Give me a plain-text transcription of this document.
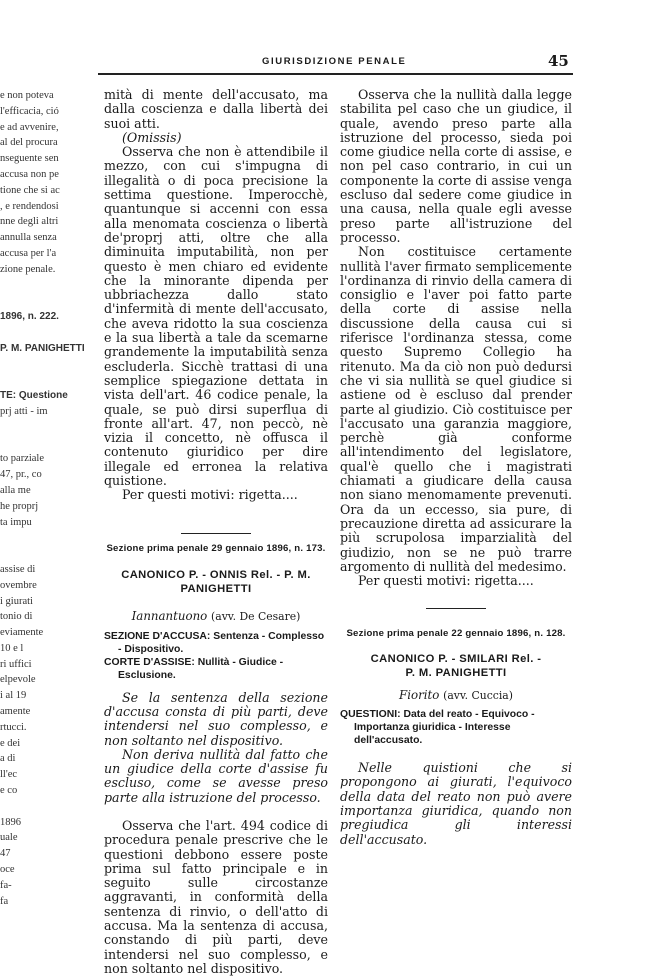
e non poteva
l'efficacia, ció
e ad avvenire,
al del procura
nseguente sen
accusa non pe
tione che si ac
, e rendendosi
nne degli altri
annulla senza
accusa per l'a
zione penale.

1896, n. 222.

P. M. PANIGHETTI

TE: Questione
prj atti - im

to parziale
47, pr., co
alla me
he proprj
ta impu

assise di
ovembre
i giurati
tonio di
eviamente
10 e l
ri uffici
elpevole
i al 19
amente
rtucci.
e dei
a di
ll'ec
e co

1896
uale
47
oce
fa-
fa
GIURISDIZIONE PENALE	45

mità di mente dell'accusato, ma dalla coscienza e dalla libertà dei suoi atti.

(Omissis)

Osserva che non è attendibile il mezzo, con cui s'impugna di illegalità o di poca precisione la settima questione. Imperocchè, quantunque si accenni con essa alla menomata coscienza o libertà de'proprj atti, oltre che alla diminuita imputabilità, non per questo è men chiaro ed evidente che la minorante dipenda per ubbriachezza dallo stato d'infermità di mente dell'accusato, che aveva ridotto la sua coscienza e la sua libertà a tale da scemarne grandemente la imputabilità senza escluderla. Sicchè trattasi di una semplice spiegazione dettata in vista dell'art. 46 codice penale, la quale, se può dirsi superflua di fronte all'art. 47, non peccò, nè vizia il concetto, nè offusca il contenuto giuridico per dire illegale ed erronea la relativa quistione.

Per questi motivi: rigetta....

Sezione prima penale 29 gennaio 1896, n. 173.
CANONICO P. - ONNIS Rel. - P. M. PANIGHETTI
Iannantuono (avv. De Cesare)

SEZIONE D'ACCUSA: Sentenza - Complesso - Dispositivo.

CORTE D'ASSISE: Nullità - Giudice - Esclusione.

Se la sentenza della sezione d'accusa consta di più parti, deve intendersi nel suo complesso, e non soltanto nel dispositivo.

Non deriva nullità dal fatto che un giudice della corte d'assise fu escluso, come se avesse preso parte alla istruzione del processo.

Osserva che l'art. 494 codice di procedura penale prescrive che le questioni debbono essere poste prima sul fatto principale e in seguito sulle circostanze aggravanti, in conformità della sentenza di rinvio, o dell'atto di accusa. Ma la sentenza di accusa, constando di più parti, deve intendersi nel suo complesso, e non soltanto nel dispositivo.

Osserva che la nullità dalla legge stabilita pel caso che un giudice, il quale, avendo preso parte alla istruzione del processo, sieda poi come giudice nella corte di assise, e non pel caso contrario, in cui un componente la corte di assise venga escluso dal sedere come giudice in una causa, nella quale egli avesse preso parte all'istruzione del processo.

Non costituisce certamente nullità l'aver firmato semplicemente l'ordinanza di rinvio della camera di consiglio e l'aver poi fatto parte della corte di assise nella discussione della causa cui si riferisce l'ordinanza stessa, come questo Supremo Collegio ha ritenuto. Ma da ciò non può dedursi che vi sia nullità se quel giudice si astiene od è escluso dal prender parte al giudizio. Ciò costituisce per l'accusato una garanzia maggiore, perchè già conforme all'intendimento del legislatore, qual'è quello che i magistrati chiamati a giudicare della causa non siano menomamente prevenuti. Ora da un eccesso, sia pure, di precauzione diretta ad assicurare la più scrupolosa imparzialità del giudizio, non se ne può trarre argomento di nullità del medesimo.

Per questi motivi: rigetta....

Sezione prima penale 22 gennaio 1896, n. 128.
CANONICO P. - SMILARI Rel. -
P. M. PANIGHETTI
Fiorito (avv. Cuccia)

QUESTIONI: Data del reato - Equivoco - Importanza giuridica - Interesse dell'accusato.

Nelle quistioni che si propongono ai giurati, l'equivoco della data del reato non può avere importanza giuridica, quando non pregiudica gli interessi dell'accusato.
